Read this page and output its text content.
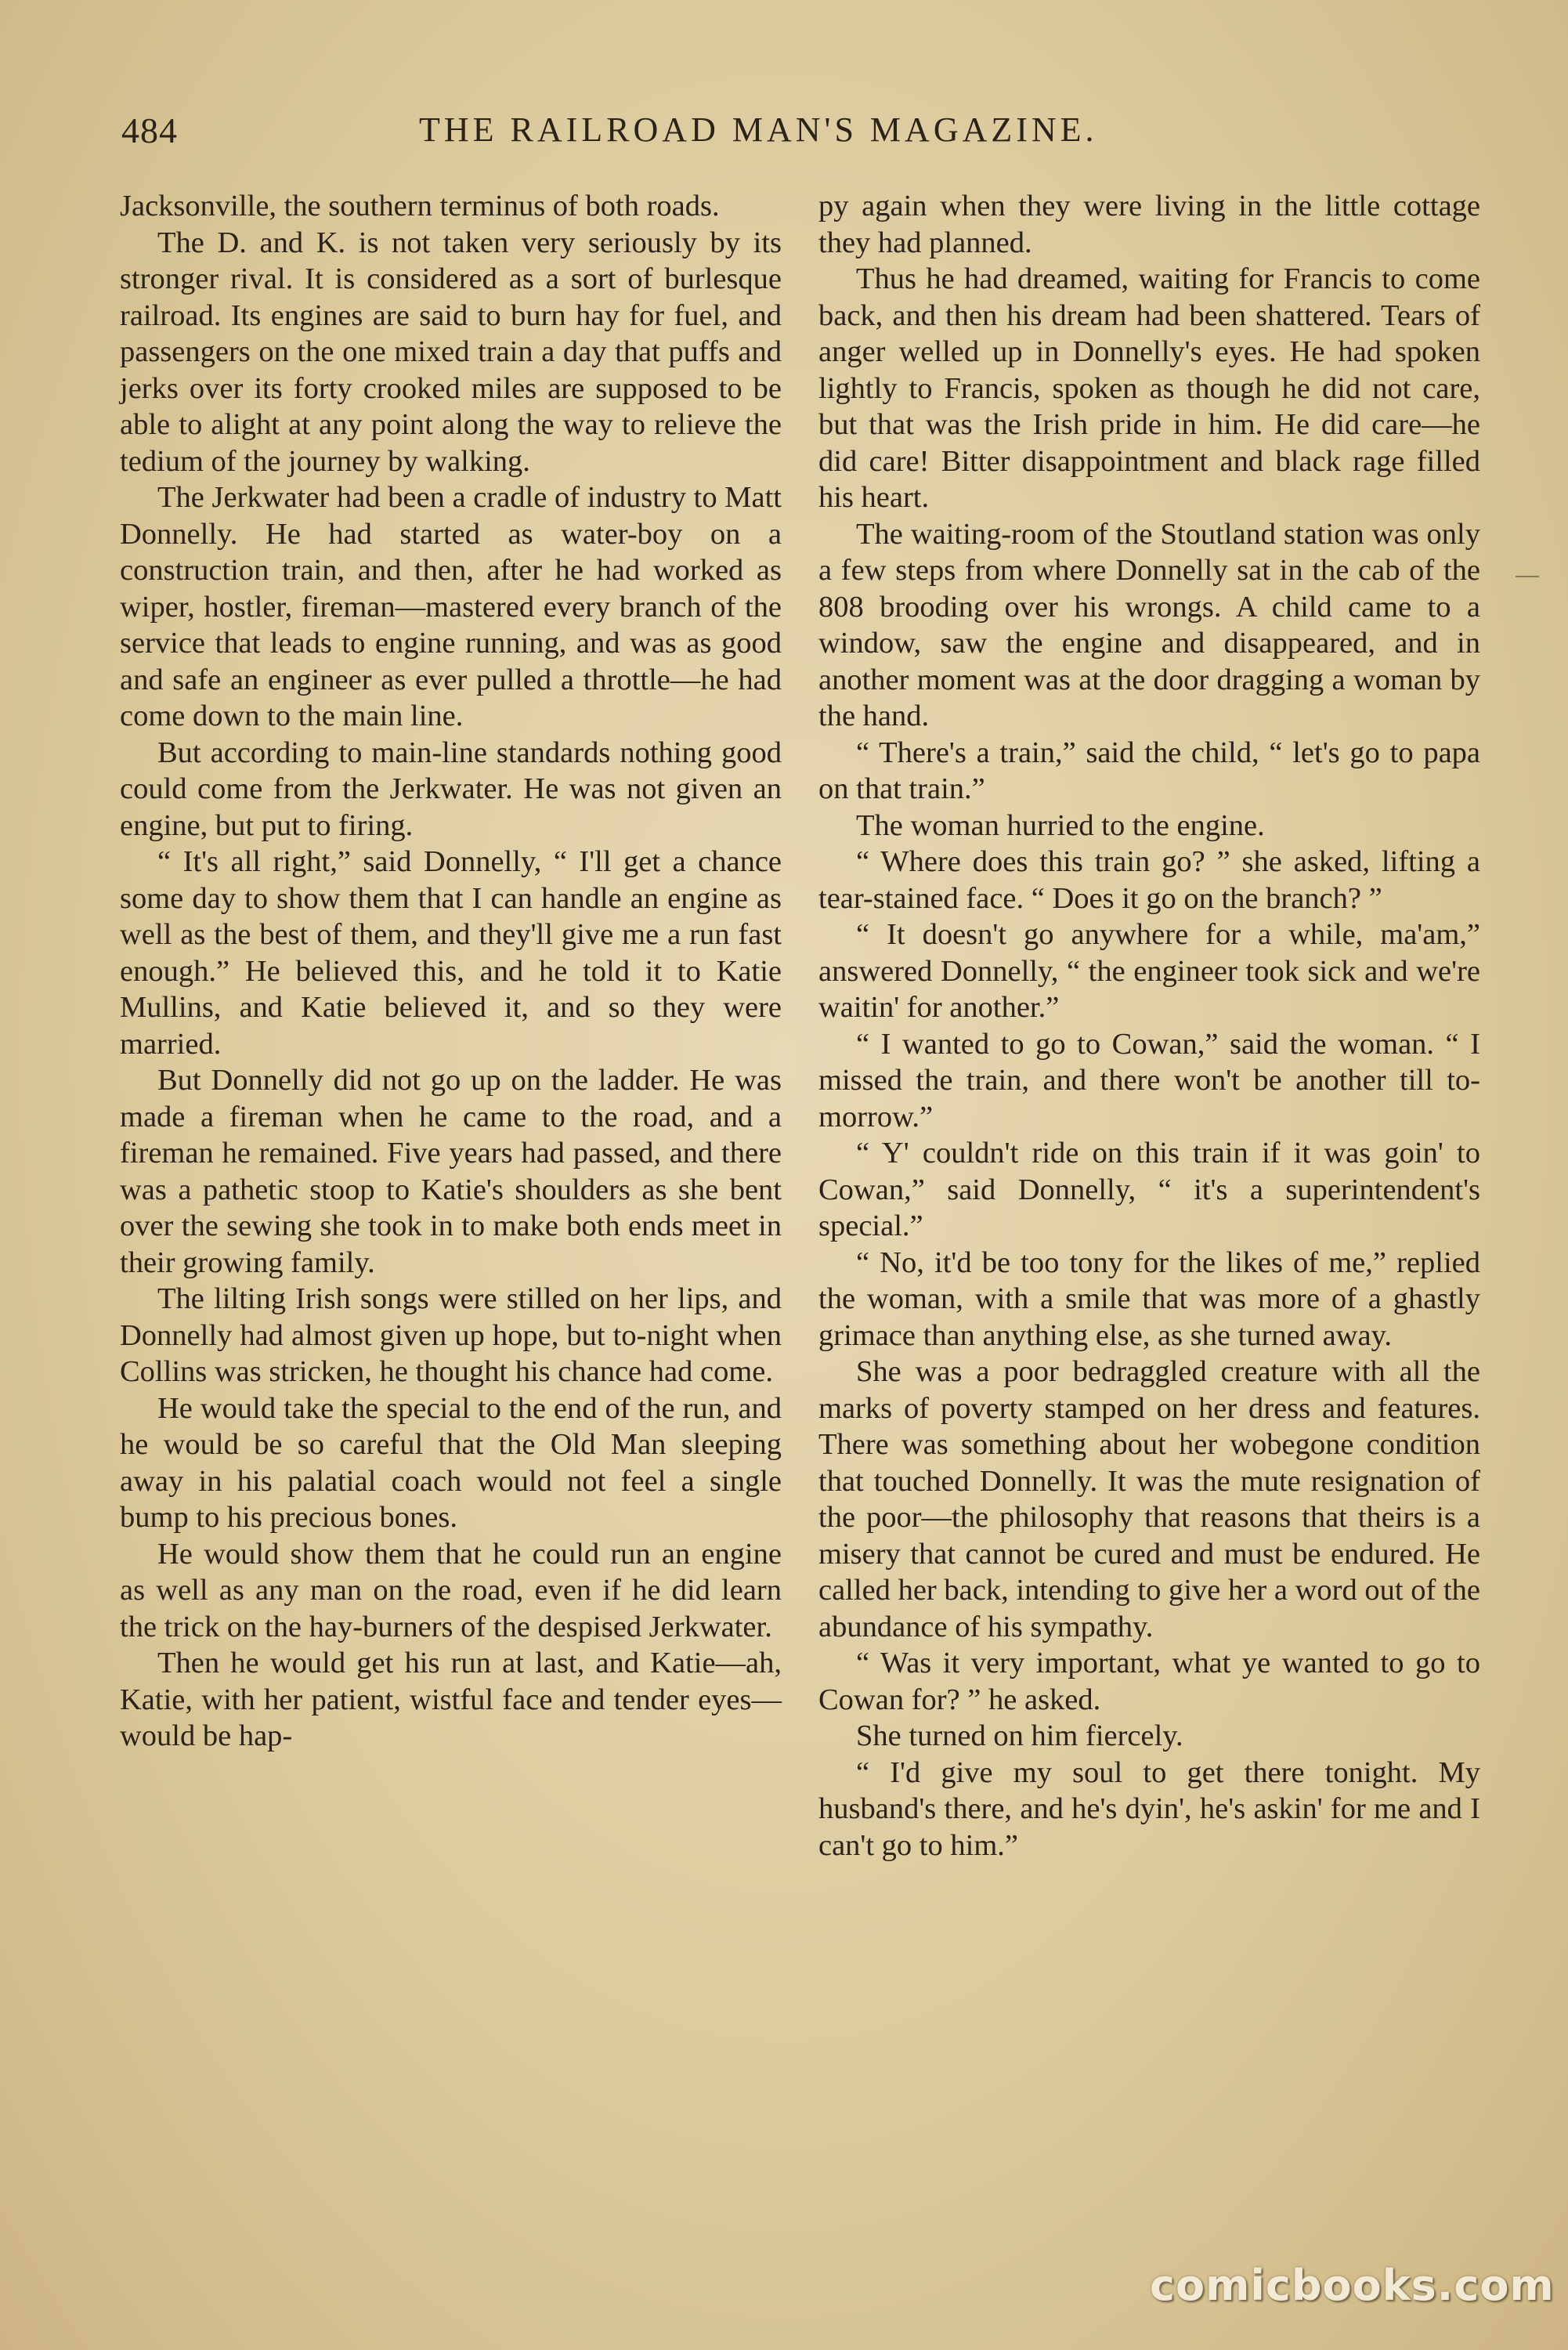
484	THE RAILROAD MAN'S MAGAZINE.

Jacksonville, the southern terminus of both roads.

The D. and K. is not taken very seriously by its stronger rival. It is considered as a sort of burlesque railroad. Its engines are said to burn hay for fuel, and passengers on the one mixed train a day that puffs and jerks over its forty crooked miles are supposed to be able to alight at any point along the way to relieve the tedium of the journey by walking.

The Jerkwater had been a cradle of industry to Matt Donnelly. He had started as water-boy on a construction train, and then, after he had worked as wiper, hostler, fireman—mastered every branch of the service that leads to engine running, and was as good and safe an engineer as ever pulled a throttle—he had come down to the main line.

But according to main-line standards nothing good could come from the Jerkwater. He was not given an engine, but put to firing.

“ It's all right,” said Donnelly, “ I'll get a chance some day to show them that I can handle an engine as well as the best of them, and they'll give me a run fast enough.” He believed this, and he told it to Katie Mullins, and Katie believed it, and so they were married.

But Donnelly did not go up on the ladder. He was made a fireman when he came to the road, and a fireman he remained. Five years had passed, and there was a pathetic stoop to Katie's shoulders as she bent over the sewing she took in to make both ends meet in their growing family.

The lilting Irish songs were stilled on her lips, and Donnelly had almost given up hope, but to-night when Collins was stricken, he thought his chance had come.

He would take the special to the end of the run, and he would be so careful that the Old Man sleeping away in his palatial coach would not feel a single bump to his precious bones.

He would show them that he could run an engine as well as any man on the road, even if he did learn the trick on the hay-burners of the despised Jerkwater.

Then he would get his run at last, and Katie—ah, Katie, with her patient, wistful face and tender eyes—would be hap-

py again when they were living in the little cottage they had planned.

Thus he had dreamed, waiting for Francis to come back, and then his dream had been shattered. Tears of anger welled up in Donnelly's eyes. He had spoken lightly to Francis, spoken as though he did not care, but that was the Irish pride in him. He did care—he did care! Bitter disappointment and black rage filled his heart.

The waiting-room of the Stoutland station was only a few steps from where Donnelly sat in the cab of the 808 brooding over his wrongs. A child came to a window, saw the engine and disappeared, and in another moment was at the door dragging a woman by the hand.

“ There's a train,” said the child, “ let's go to papa on that train.”

The woman hurried to the engine.

“ Where does this train go? ” she asked, lifting a tear-stained face. “ Does it go on the branch? ”

“ It doesn't go anywhere for a while, ma'am,” answered Donnelly, “ the engineer took sick and we're waitin' for another.”

“ I wanted to go to Cowan,” said the woman. “ I missed the train, and there won't be another till to-morrow.”

“ Y' couldn't ride on this train if it was goin' to Cowan,” said Donnelly, “ it's a superintendent's special.”

“ No, it'd be too tony for the likes of me,” replied the woman, with a smile that was more of a ghastly grimace than anything else, as she turned away.

She was a poor bedraggled creature with all the marks of poverty stamped on her dress and features. There was something about her wobegone condition that touched Donnelly. It was the mute resignation of the poor—the philosophy that reasons that theirs is a misery that cannot be cured and must be endured. He called her back, intending to give her a word out of the abundance of his sympathy.

“ Was it very important, what ye wanted to go to Cowan for? ” he asked.

She turned on him fiercely.

“ I'd give my soul to get there tonight. My husband's there, and he's dyin', he's askin' for me and I can't go to him.”

comicbooks.com
